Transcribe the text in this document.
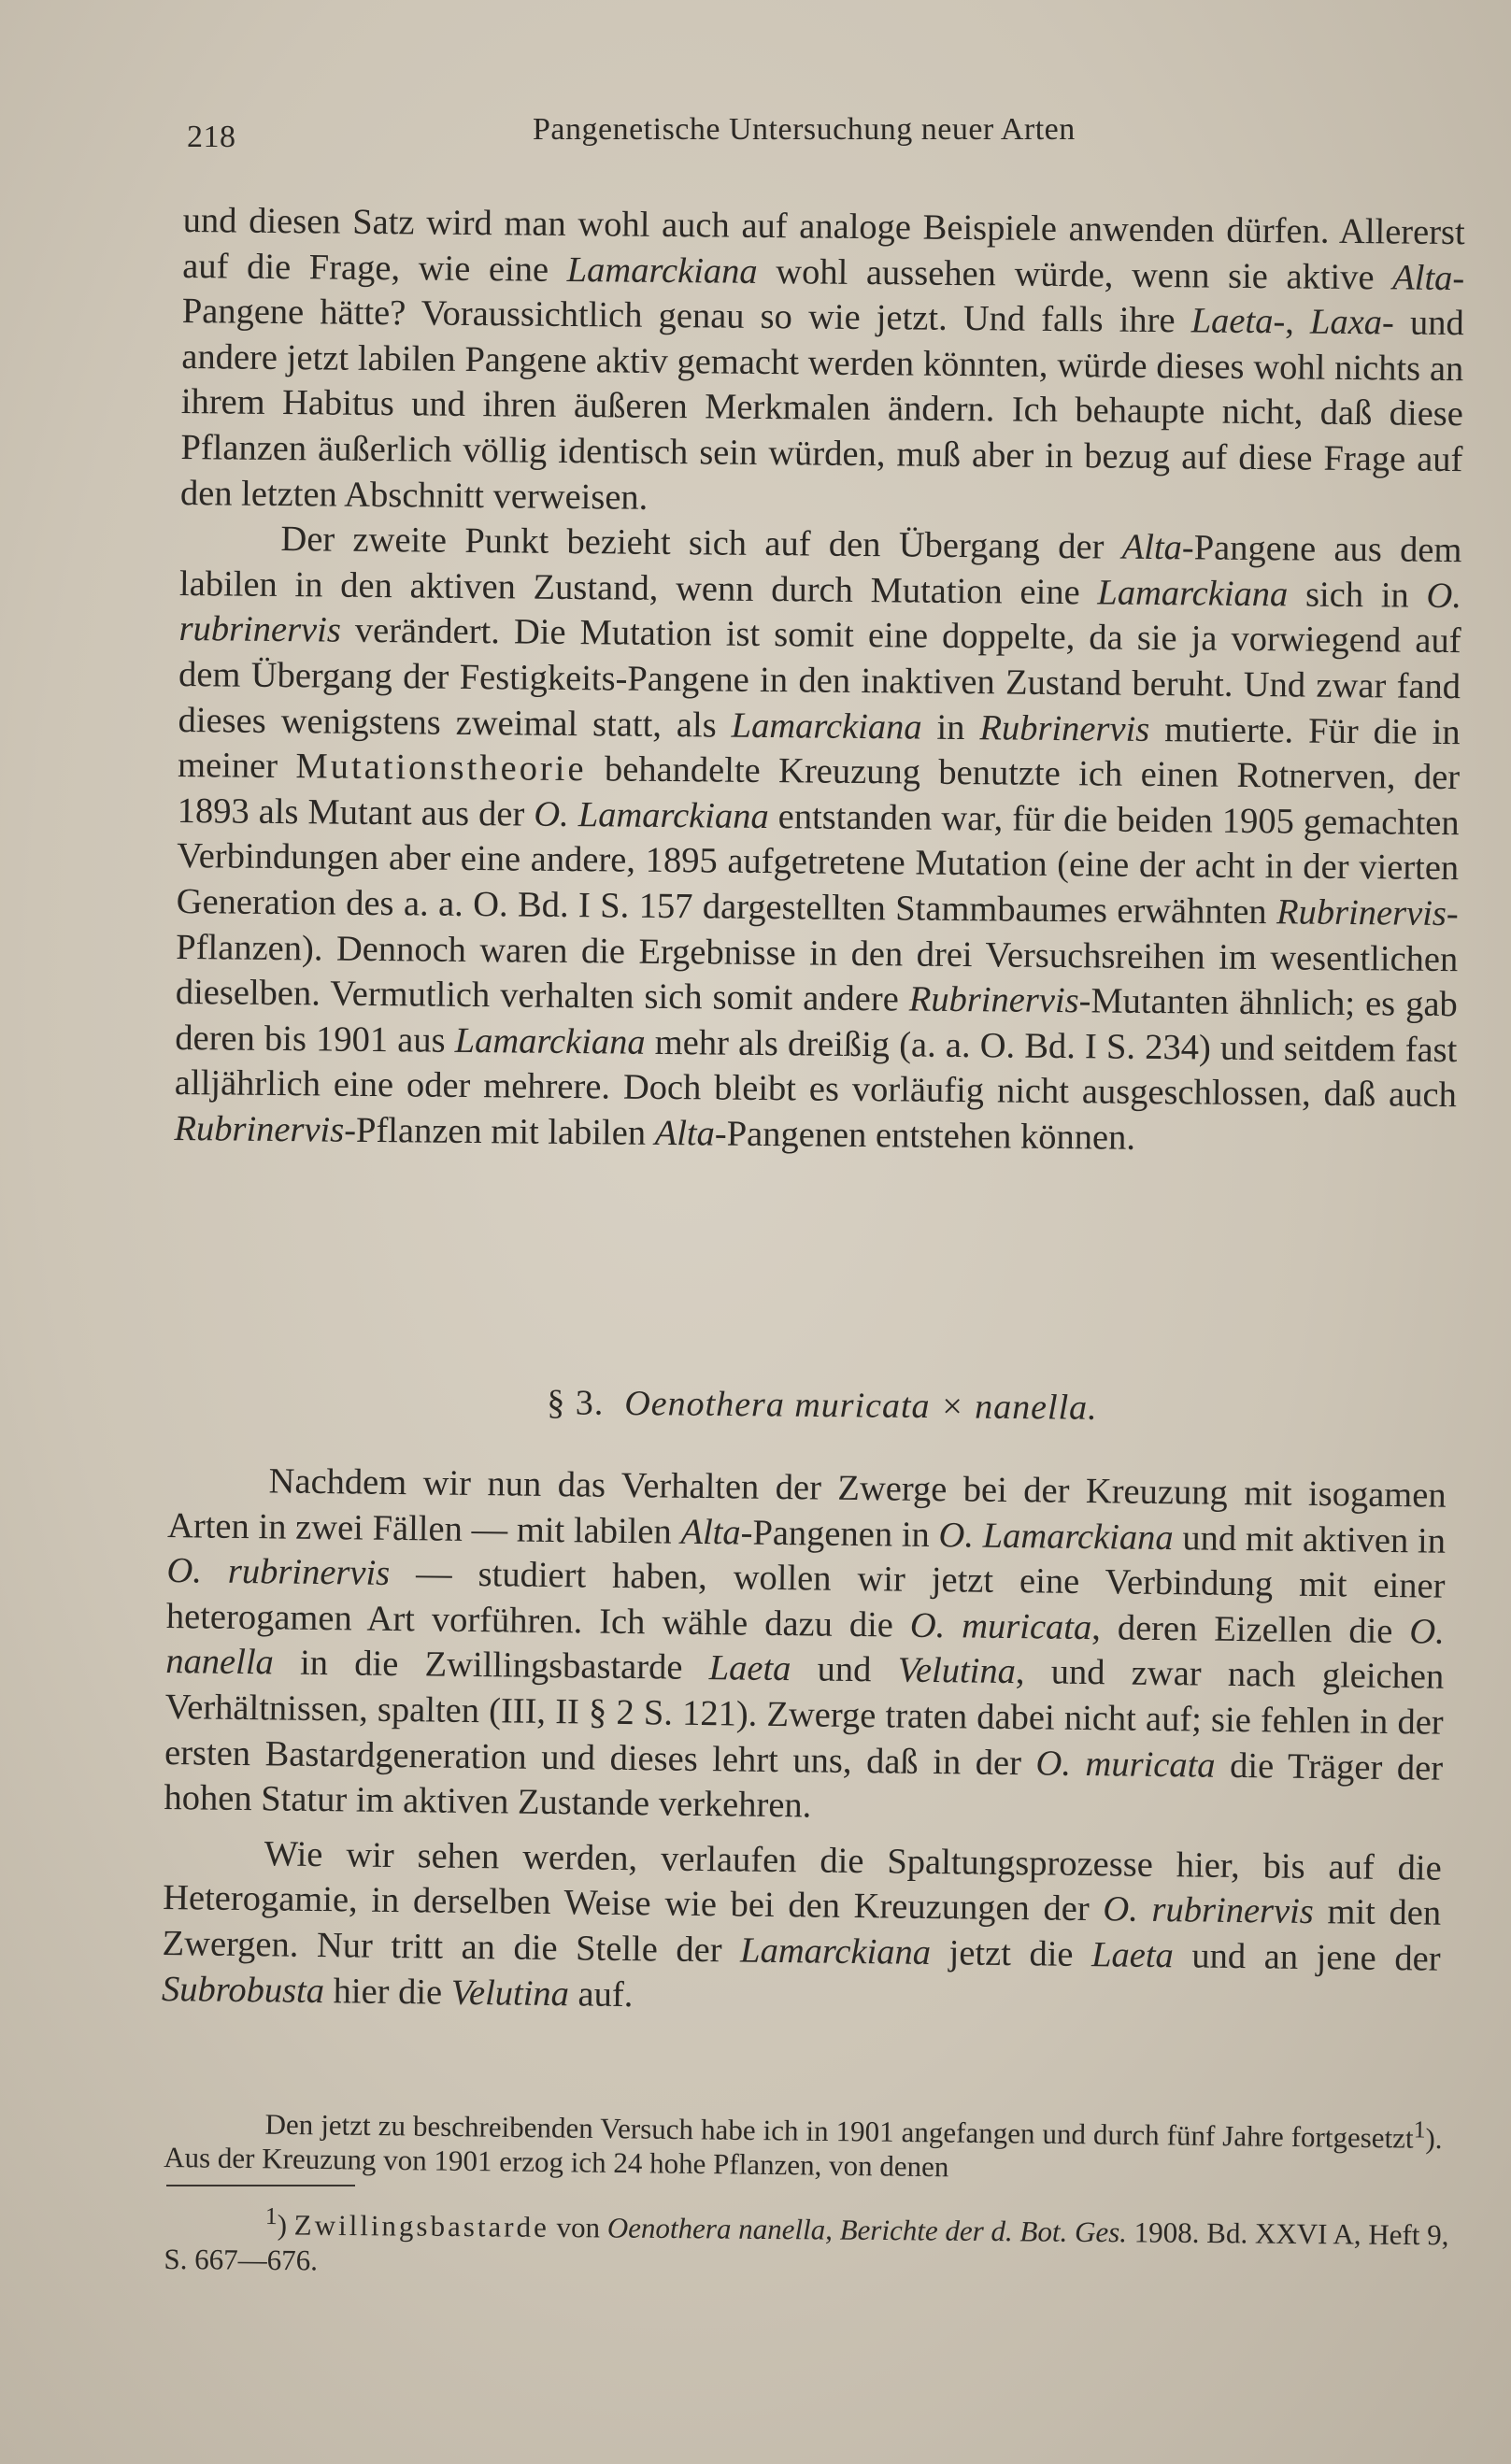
218	Pangenetische Untersuchung neuer Arten

und diesen Satz wird man wohl auch auf analoge Beispiele anwenden dürfen. Allererst auf die Frage, wie eine Lamarckiana wohl aussehen würde, wenn sie aktive Alta-Pangene hätte? Voraussichtlich genau so wie jetzt. Und falls ihre Laeta-, Laxa- und andere jetzt labilen Pangene aktiv gemacht werden könnten, würde dieses wohl nichts an ihrem Habitus und ihren äußeren Merkmalen ändern. Ich behaupte nicht, daß diese Pflanzen äußerlich völlig identisch sein würden, muß aber in bezug auf diese Frage auf den letzten Abschnitt verweisen.

Der zweite Punkt bezieht sich auf den Übergang der Alta-Pangene aus dem labilen in den aktiven Zustand, wenn durch Mutation eine Lamarckiana sich in O. rubrinervis verändert. Die Mutation ist somit eine doppelte, da sie ja vorwiegend auf dem Übergang der Festigkeits-Pangene in den inaktiven Zustand beruht. Und zwar fand dieses wenigstens zweimal statt, als Lamarckiana in Rubrinervis mutierte. Für die in meiner Mutationstheorie behandelte Kreuzung benutzte ich einen Rotnerven, der 1893 als Mutant aus der O. Lamarckiana entstanden war, für die beiden 1905 gemachten Verbindungen aber eine andere, 1895 aufgetretene Mutation (eine der acht in der vierten Generation des a. a. O. Bd. I S. 157 dargestellten Stammbaumes erwähnten Rubrinervis-Pflanzen). Dennoch waren die Ergebnisse in den drei Versuchsreihen im wesentlichen dieselben. Vermutlich verhalten sich somit andere Rubrinervis-Mutanten ähnlich; es gab deren bis 1901 aus Lamarckiana mehr als dreißig (a. a. O. Bd. I S. 234) und seitdem fast alljährlich eine oder mehrere. Doch bleibt es vorläufig nicht ausgeschlossen, daß auch Rubrinervis-Pflanzen mit labilen Alta-Pangenen entstehen können.

§ 3. Oenothera muricata × nanella.

Nachdem wir nun das Verhalten der Zwerge bei der Kreuzung mit isogamen Arten in zwei Fällen — mit labilen Alta-Pangenen in O. Lamarckiana und mit aktiven in O. rubrinervis — studiert haben, wollen wir jetzt eine Verbindung mit einer heterogamen Art vorführen. Ich wähle dazu die O. muricata, deren Eizellen die O. nanella in die Zwillingsbastarde Laeta und Velutina, und zwar nach gleichen Verhältnissen, spalten (III, II § 2 S. 121). Zwerge traten dabei nicht auf; sie fehlen in der ersten Bastardgeneration und dieses lehrt uns, daß in der O. muricata die Träger der hohen Statur im aktiven Zustande verkehren.

Wie wir sehen werden, verlaufen die Spaltungsprozesse hier, bis auf die Heterogamie, in derselben Weise wie bei den Kreuzungen der O. rubrinervis mit den Zwergen. Nur tritt an die Stelle der Lamarckiana jetzt die Laeta und an jene der Subrobusta hier die Velutina auf.

Den jetzt zu beschreibenden Versuch habe ich in 1901 angefangen und durch fünf Jahre fortgesetzt$^1$). Aus der Kreuzung von 1901 erzog ich 24 hohe Pflanzen, von denen

$^1$) Zwillingsbastarde von Oenothera nanella, Berichte der d. Bot. Ges. 1908. Bd. XXVI A, Heft 9, S. 667—676.
